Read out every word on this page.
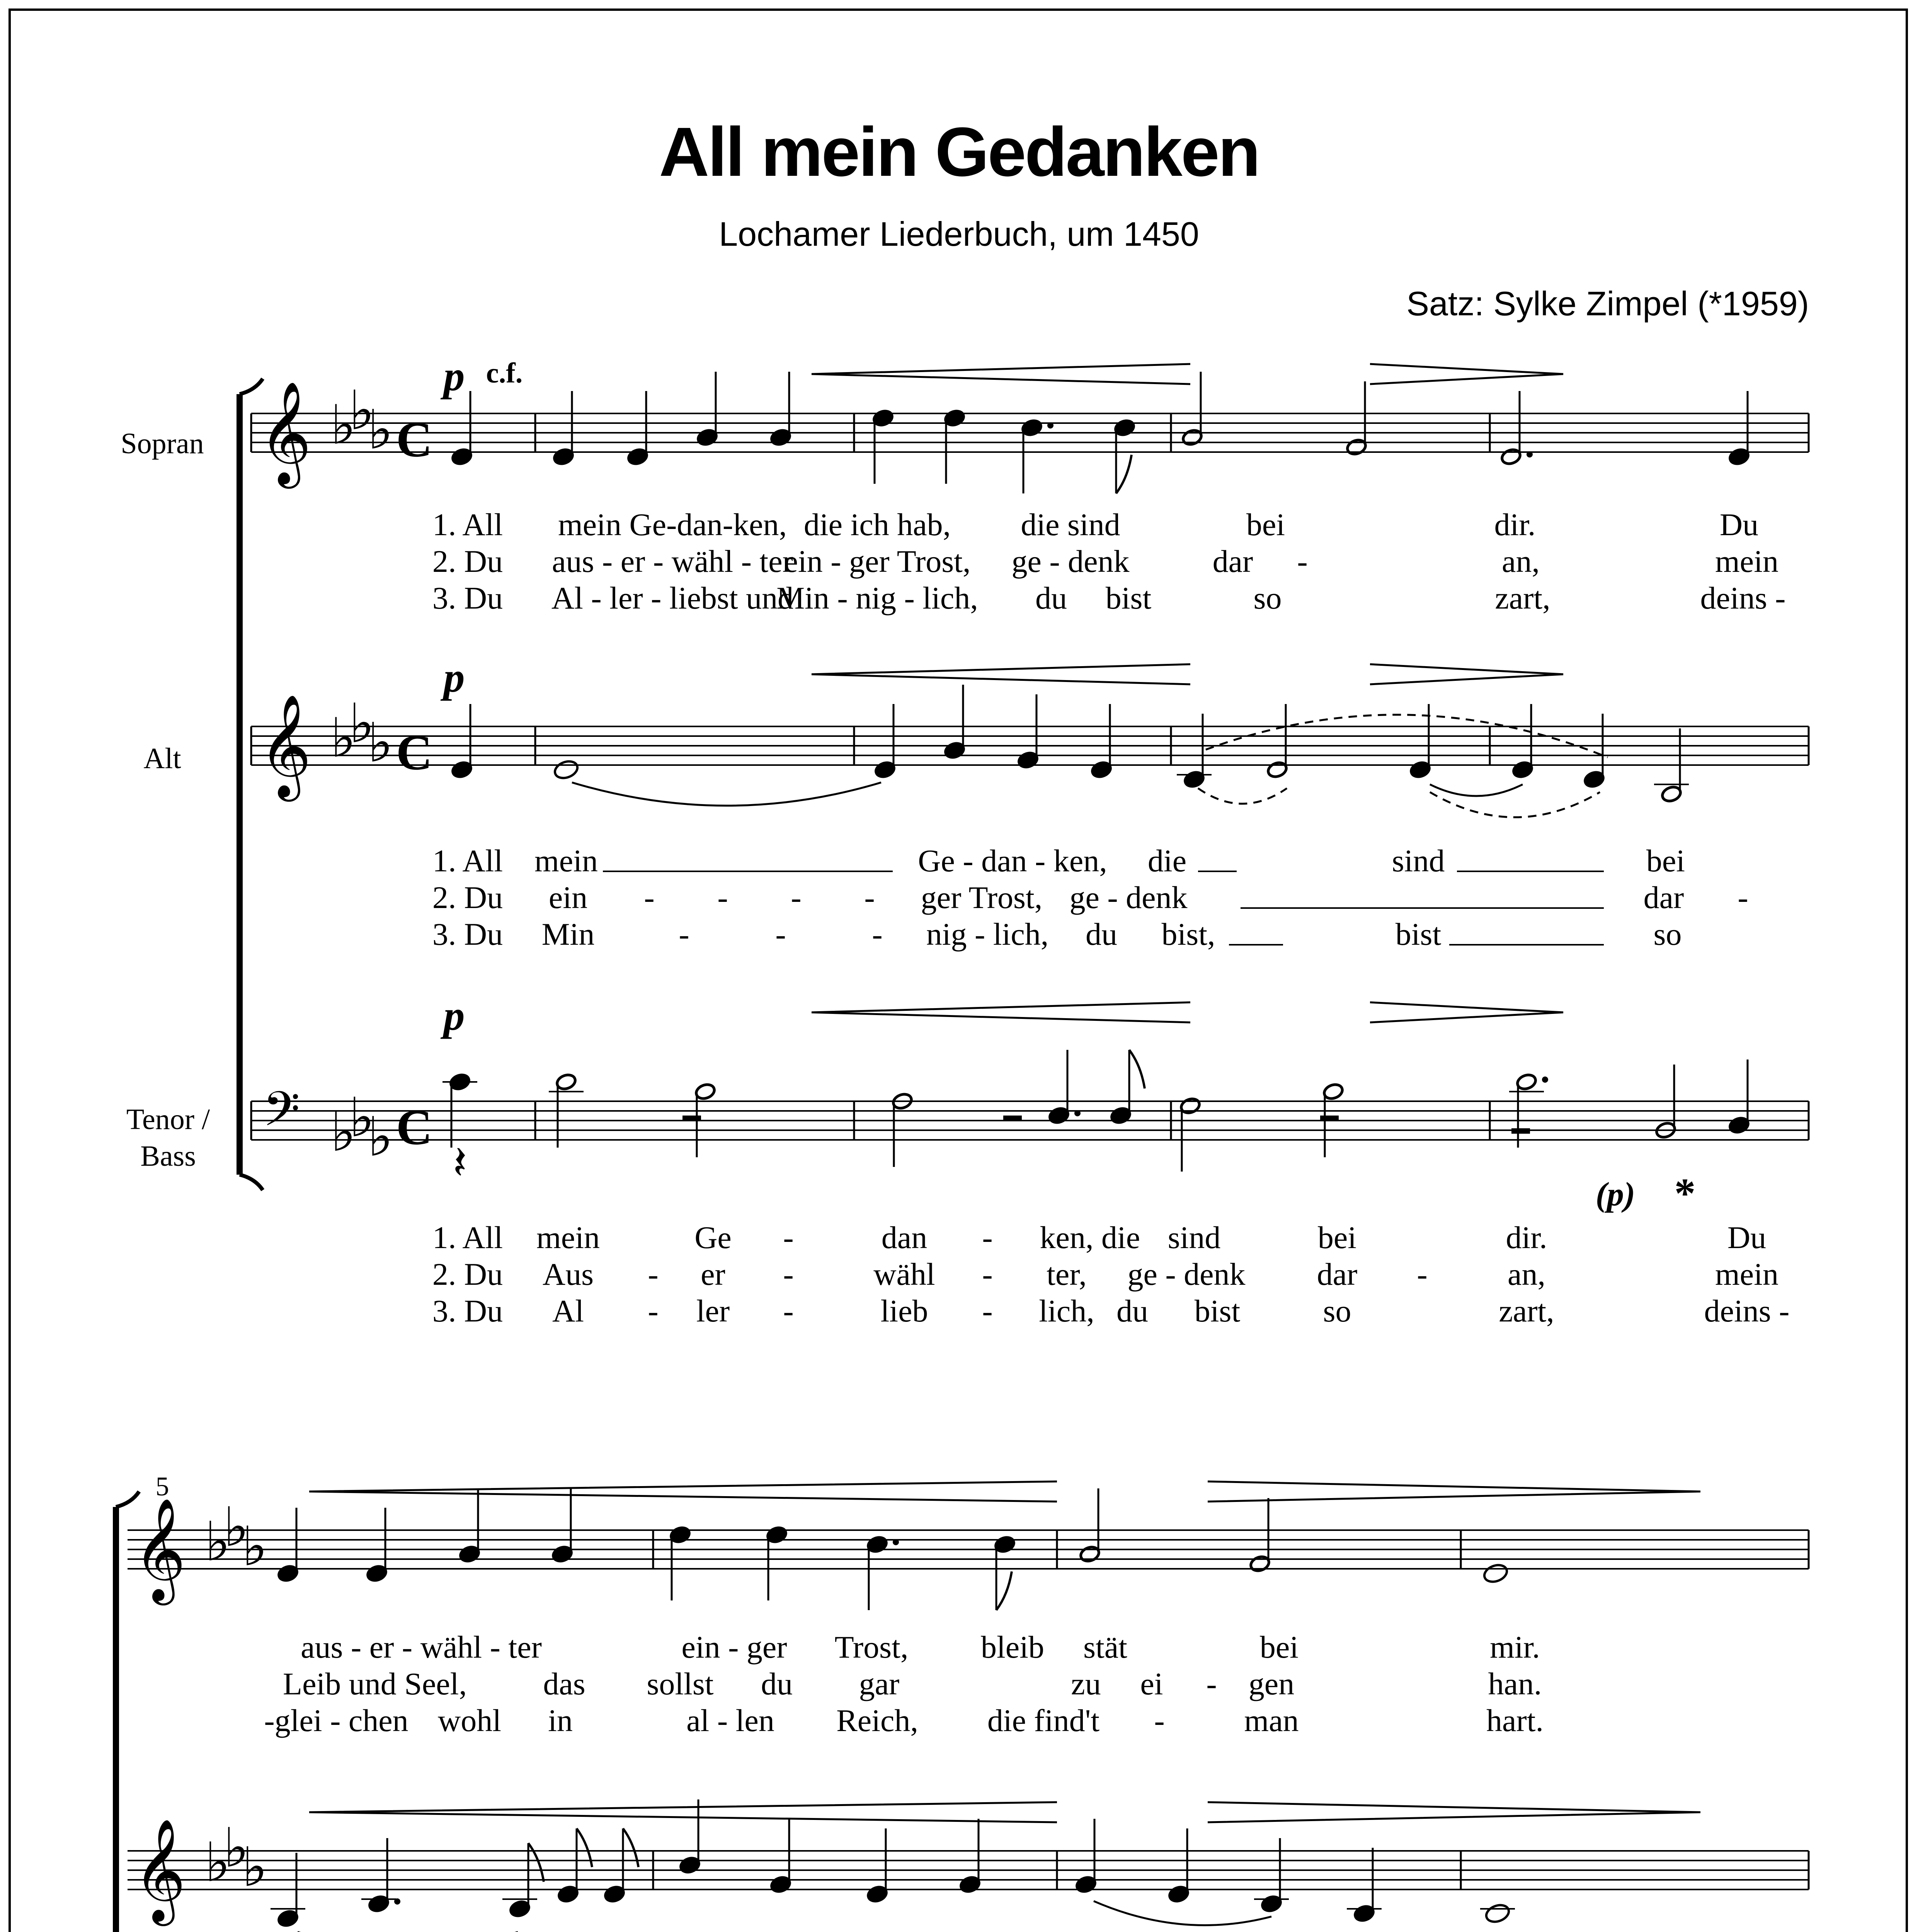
All mein Gedanken
Lochamer Liederbuch, um 1450
Satz: Sylke Zimpel (*1959)
Sopran
Alt
Tenor /
Bass
𝄞
𝄞
𝄢
♭
♭
♭
♭
♭
♭
♭
♭
♭
C
C
C
p c.f.
p
p
𝄽
(p) *
1. All mein Ge-dan-ken, die ich hab, die sind	bei	dir.	Du
2. Du aus - er - wähl - ter
ein - ger Trost, ge - denk	dar -	an,	mein
3. Du Al - ler - liebst und
Min - nig - lich, du bist	so	zart,	deins -
1. All mein	Ge - dan - ken, die	sind	bei
2. Du ein - - - - ger Trost, ge - denk	dar -
3. Du Min	-	-	- nig - lich, du bist,	bist	so
1. All mein	Ge -	dan - ken, die sind	bei	dir.	Du
2. Du Aus - er -	wähl - ter, ge - denk dar -	an,	mein
3. Du Al - ler -	lieb - lich, du bist	so	zart,	deins -
𝄞
𝄞
♭
♭
♭
♭
♭
♭
5
aus - er - wähl - ter	ein - ger Trost, bleib stät	bei	mir.
Leib und Seel, das sollst du gar	zu ei - gen	han.
-glei - chen wohl in	al - len Reich, die find't -	man	hart.
